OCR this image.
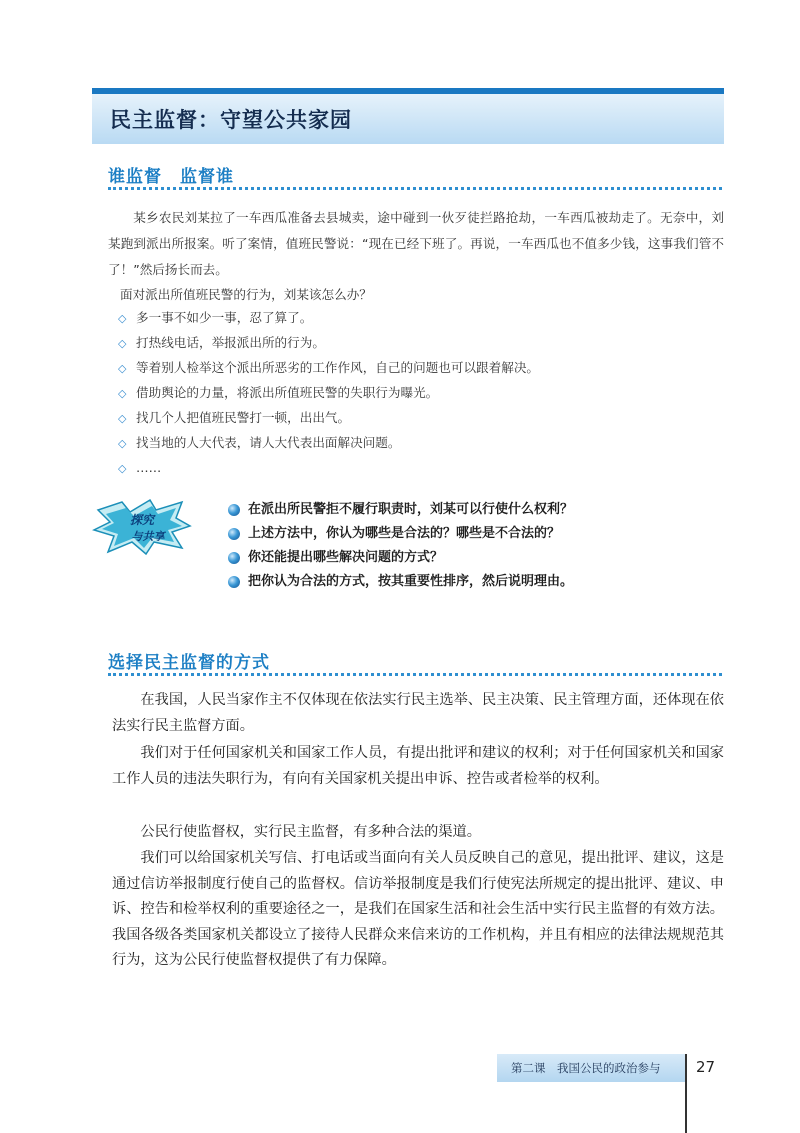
民主监督：守望公共家园
谁监督　监督谁
某乡农民刘某拉了一车西瓜准备去县城卖，途中碰到一伙歹徒拦路抢劫，一车西瓜被劫走了。无奈中，刘某跑到派出所报案。听了案情，值班民警说：“现在已经下班了。再说，一车西瓜也不值多少钱，这事我们管不了！”然后扬长而去。
面对派出所值班民警的行为，刘某该怎么办？
◇ 多一事不如少一事，忍了算了。
◇ 打热线电话，举报派出所的行为。
◇ 等着别人检举这个派出所恶劣的工作作风，自己的问题也可以跟着解决。
◇ 借助舆论的力量，将派出所值班民警的失职行为曝光。
◇ 找几个人把值班民警打一顿，出出气。
◇ 找当地的人大代表，请人大代表出面解决问题。
◇ ……
探究
与共享
在派出所民警拒不履行职责时，刘某可以行使什么权利？
上述方法中，你认为哪些是合法的？哪些是不合法的？
你还能提出哪些解决问题的方式？
把你认为合法的方式，按其重要性排序，然后说明理由。
选择民主监督的方式

在我国，人民当家作主不仅体现在依法实行民主选举、民主决策、民主管理方面，还体现在依法实行民主监督方面。

我们对于任何国家机关和国家工作人员，有提出批评和建议的权利；对于任何国家机关和国家工作人员的违法失职行为，有向有关国家机关提出申诉、控告或者检举的权利。

公民行使监督权，实行民主监督，有多种合法的渠道。

我们可以给国家机关写信、打电话或当面向有关人员反映自己的意见，提出批评、建议，这是通过信访举报制度行使自己的监督权。信访举报制度是我们行使宪法所规定的提出批评、建议、申诉、控告和检举权利的重要途径之一，是我们在国家生活和社会生活中实行民主监督的有效方法。我国各级各类国家机关都设立了接待人民群众来信来访的工作机构，并且有相应的法律法规规范其行为，这为公民行使监督权提供了有力保障。

第二课　我国公民的政治参与 27
